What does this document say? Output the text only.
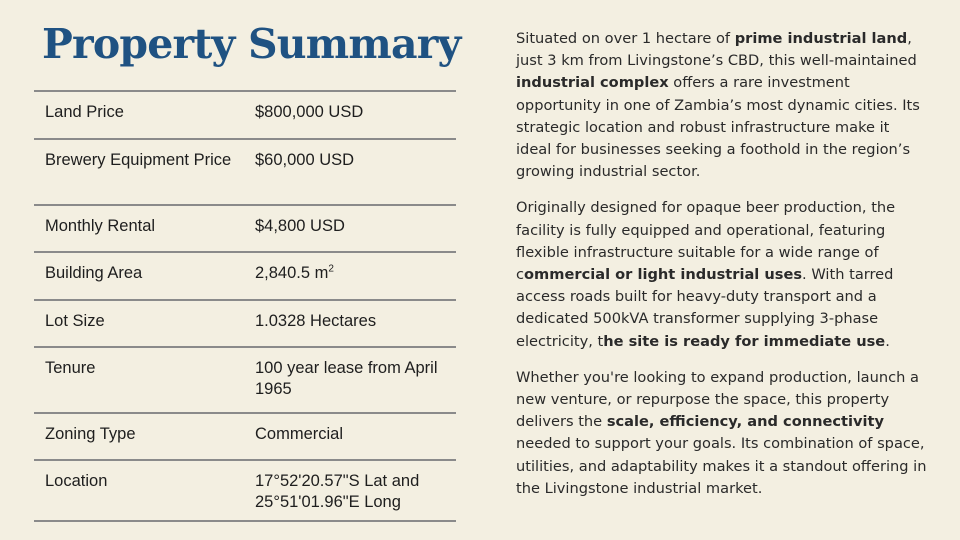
Property Summary
Land Price	$800,000 USD
Brewery Equipment Price	$60,000 USD
Monthly Rental	$4,800 USD
Building Area	2,840.5 $m^2$
Lot Size	1.0328 Hectares
Tenure	100 year lease from April 1965
Zoning Type	Commercial
Location	17°52'20.57"S Lat and 25°51'01.96"E Long

Situated on over 1 hectare of prime industrial land, just 3 km from Livingstone’s CBD, this well-maintained industrial complex offers a rare investment opportunity in one of Zambia’s most dynamic cities. Its strategic location and robust infrastructure make it ideal for businesses seeking a foothold in the region’s growing industrial sector.

Originally designed for opaque beer production, the facility is fully equipped and operational, featuring flexible infrastructure suitable for a wide range of commercial or light industrial uses. With tarred access roads built for heavy-duty transport and a dedicated 500kVA transformer supplying 3-phase electricity, the site is ready for immediate use.

Whether you're looking to expand production, launch a new venture, or repurpose the space, this property delivers the scale, efficiency, and connectivity needed to support your goals. Its combination of space, utilities, and adaptability makes it a standout offering in the Livingstone industrial market.
